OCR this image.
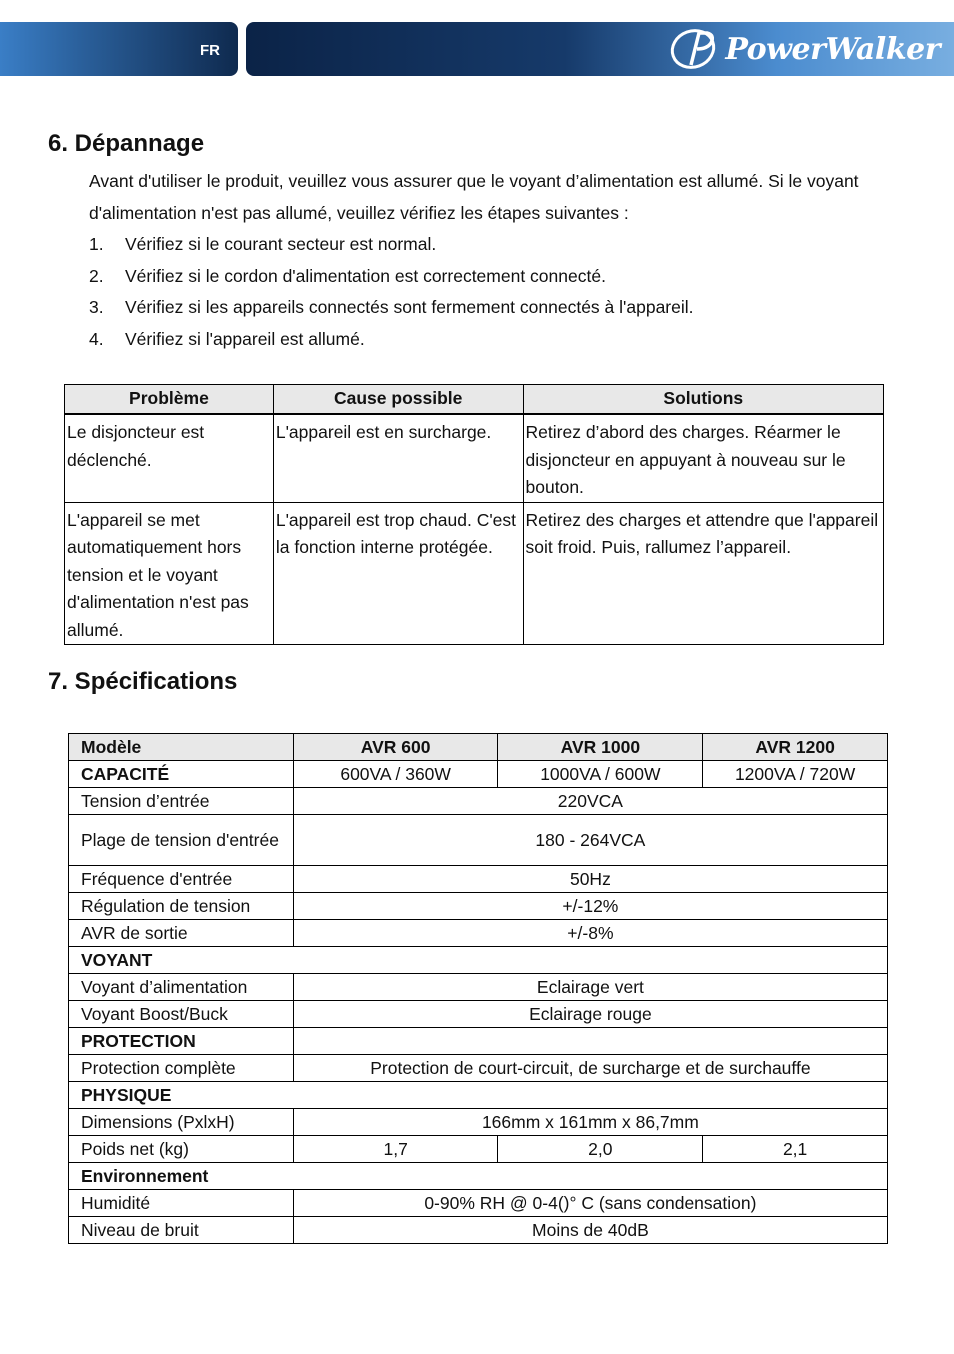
FR	PowerWalker
6. Dépannage
Avant d'utiliser le produit, veuillez vous assurer que le voyant d’alimentation est allumé. Si le voyant d'alimentation n'est pas allumé, veuillez vérifiez les étapes suivantes :
1.	Vérifiez si le courant secteur est normal.
2.	Vérifiez si le cordon d'alimentation est correctement connecté.
3.	Vérifiez si les appareils connectés sont fermement connectés à l'appareil.
4.	Vérifiez si l'appareil est allumé.
Problème	Cause possible	Solutions
Le disjoncteur est déclenché.	L'appareil est en surcharge.	Retirez d’abord des charges. Réarmer le disjoncteur en appuyant à nouveau sur le bouton.
L'appareil se met automatiquement hors tension et le voyant d'alimentation n'est pas allumé.	L'appareil est trop chaud. C'est la fonction interne protégée.	Retirez des charges et attendre que l'appareil soit froid. Puis, rallumez l’appareil.
7. Spécifications
Modèle	AVR 600	AVR 1000	AVR 1200
CAPACITÉ	600VA / 360W	1000VA / 600W	1200VA / 720W
Tension d’entrée	220VCA		
Plage de tension d'entrée	180 - 264VCA		
Fréquence d'entrée	50Hz		
Régulation de tension	+/-12%		
AVR de sortie	+/-8%		
VOYANT			
Voyant d’alimentation	Eclairage vert		
Voyant Boost/Buck	Eclairage rouge		
PROTECTION			
Protection complète	Protection de court-circuit, de surcharge et de surchauffe		
PHYSIQUE			
Dimensions (PxlxH)	166mm x 161mm x 86,7mm		
Poids net (kg)	1,7	2,0	2,1
Environnement			
Humidité	0-90% RH @ 0-4()° C (sans condensation)		
Niveau de bruit	Moins de 40dB		
